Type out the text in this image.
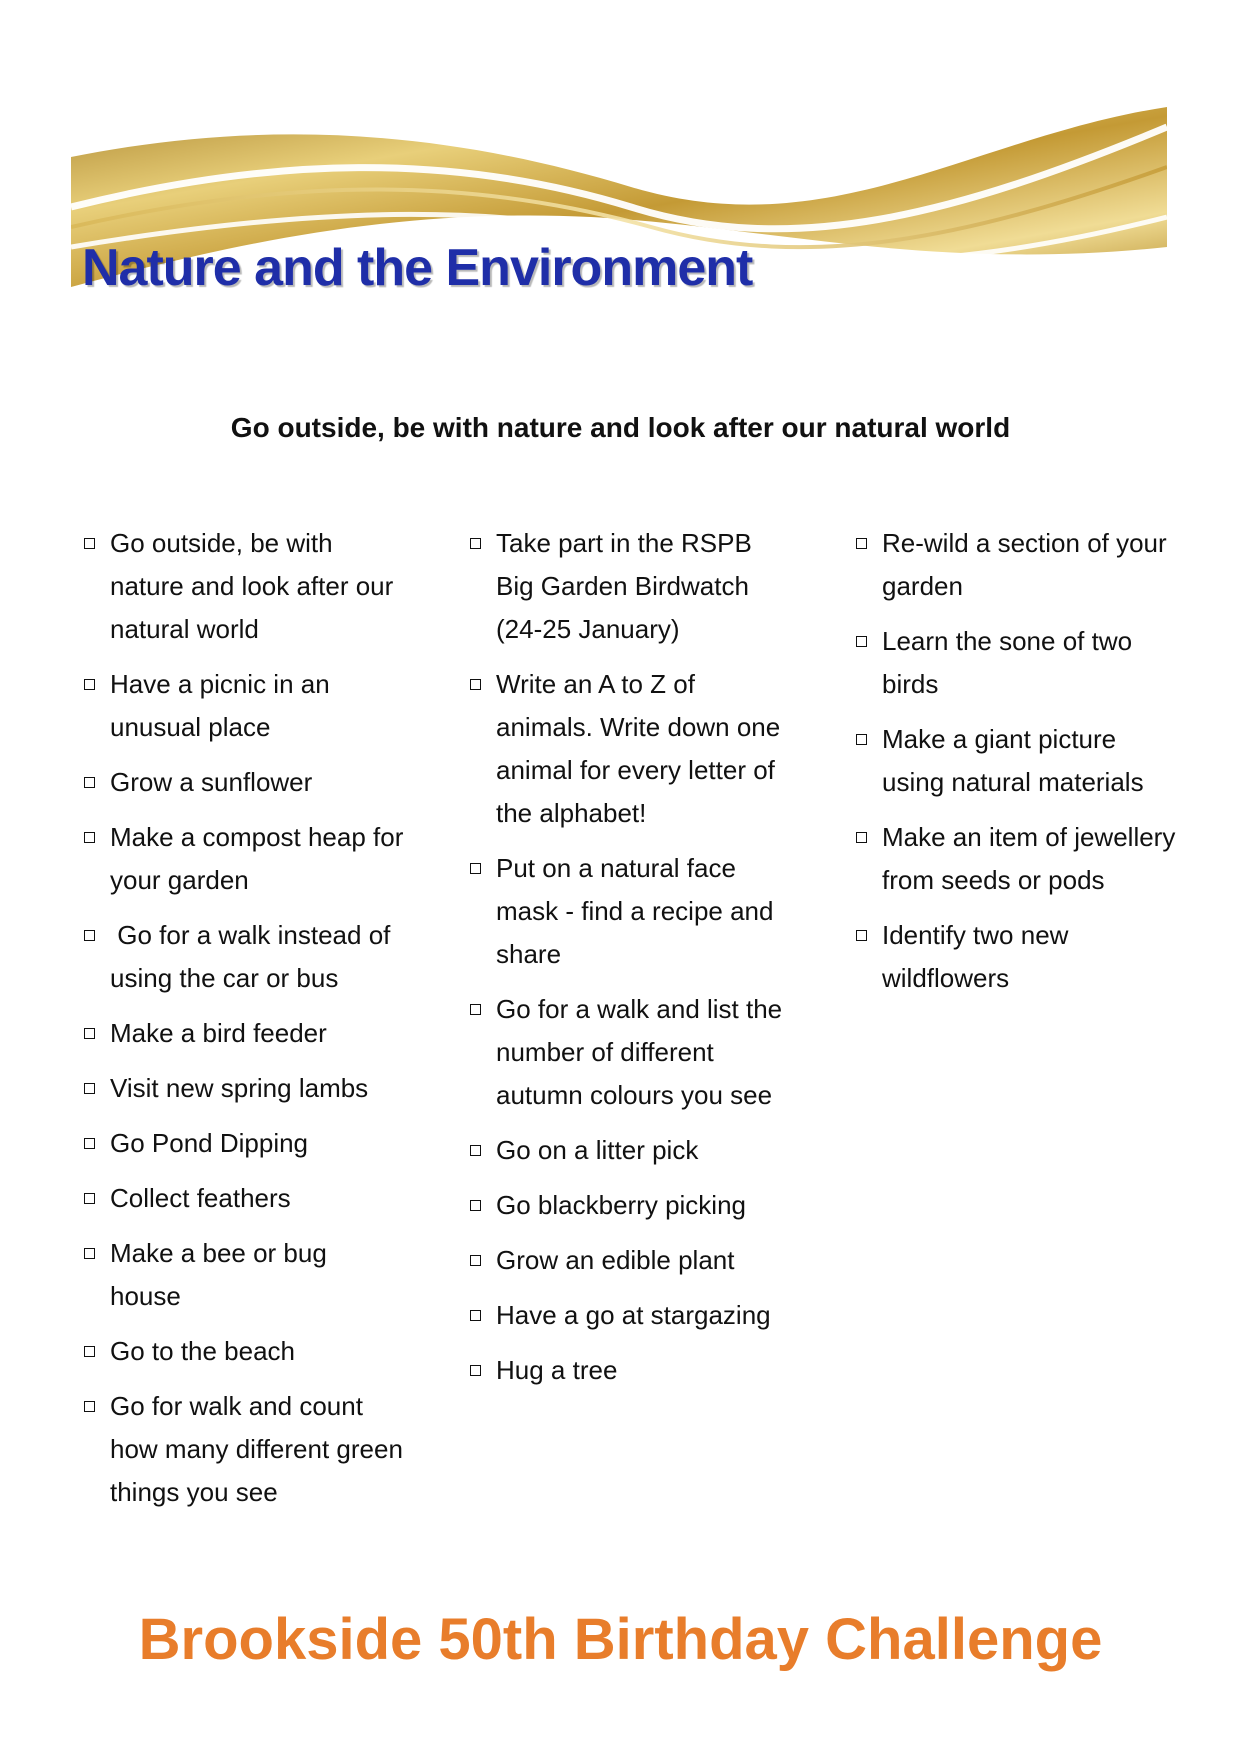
Nature and the Environment

Go outside, be with nature and look after our natural world

Go outside, be with nature and look after our natural world
Have a picnic in an unusual place
Grow a sunflower
Make a compost heap for your garden
Go for a walk instead of using the car or bus
Make a bird feeder
Visit new spring lambs
Go Pond Dipping
Collect feathers
Make a bee or bug house
Go to the beach
Go for walk and count how many different green things you see
Take part in the RSPB Big Garden Birdwatch (24-25 January)
Write an A to Z of animals. Write down one animal for every letter of the alphabet!
Put on a natural face mask - find a recipe and share
Go for a walk and list the number of different autumn colours you see
Go on a litter pick
Go blackberry picking
Grow an edible plant
Have a go at stargazing
Hug a tree
Re-wild a section of your garden
Learn the sone of two birds
Make a giant picture using natural materials
Make an item of jewellery from seeds or pods
Identify two new wildflowers
Brookside 50th Birthday Challenge
